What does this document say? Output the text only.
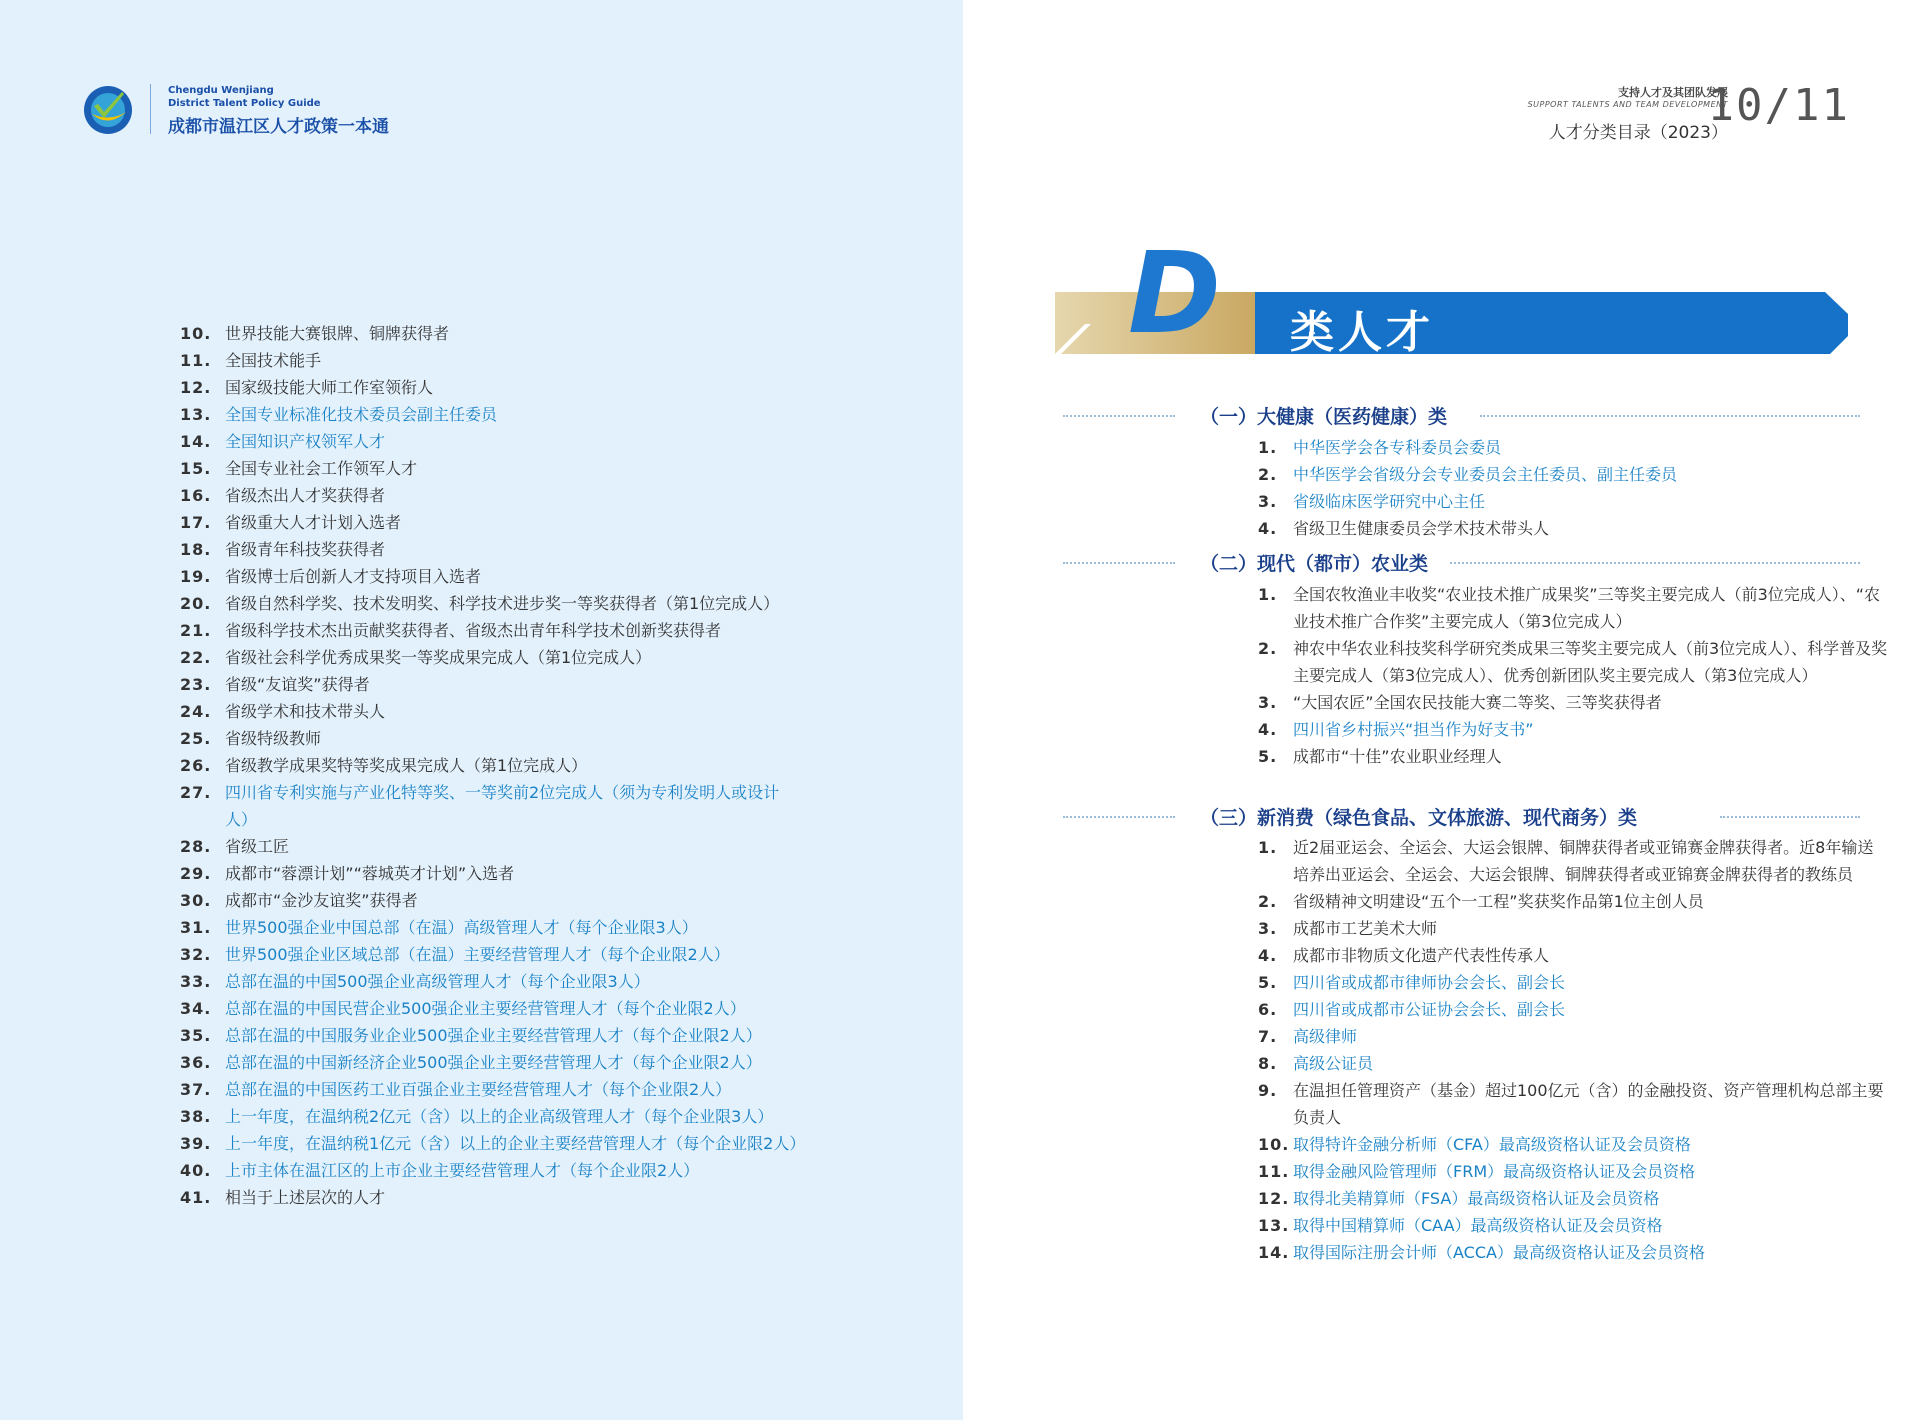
Chengdu Wenjiang
District Talent Policy Guide
成都市温江区人才政策一本通
10. 世界技能大赛银牌、铜牌获得者
11. 全国技术能手
12. 国家级技能大师工作室领衔人
13. 全国专业标准化技术委员会副主任委员
14. 全国知识产权领军人才
15. 全国专业社会工作领军人才
16. 省级杰出人才奖获得者
17. 省级重大人才计划入选者
18. 省级青年科技奖获得者
19. 省级博士后创新人才支持项目入选者
20. 省级自然科学奖、技术发明奖、科学技术进步奖一等奖获得者（第1位完成人）
21. 省级科学技术杰出贡献奖获得者、省级杰出青年科学技术创新奖获得者
22. 省级社会科学优秀成果奖一等奖成果完成人（第1位完成人）
23. 省级“友谊奖”获得者
24. 省级学术和技术带头人
25. 省级特级教师
26. 省级教学成果奖特等奖成果完成人（第1位完成人）
27. 四川省专利实施与产业化特等奖、一等奖前2位完成人（须为专利发明人或设计人）
28. 省级工匠
29. 成都市“蓉漂计划”“蓉城英才计划”入选者
30. 成都市“金沙友谊奖”获得者
31. 世界500强企业中国总部（在温）高级管理人才（每个企业限3人）
32. 世界500强企业区域总部（在温）主要经营管理人才（每个企业限2人）
33. 总部在温的中国500强企业高级管理人才（每个企业限3人）
34. 总部在温的中国民营企业500强企业主要经营管理人才（每个企业限2人）
35. 总部在温的中国服务业企业500强企业主要经营管理人才（每个企业限2人）
36. 总部在温的中国新经济企业500强企业主要经营管理人才（每个企业限2人）
37. 总部在温的中国医药工业百强企业主要经营管理人才（每个企业限2人）
38. 上一年度，在温纳税2亿元（含）以上的企业高级管理人才（每个企业限3人）
39. 上一年度，在温纳税1亿元（含）以上的企业主要经营管理人才（每个企业限2人）
40. 上市主体在温江区的上市企业主要经营管理人才（每个企业限2人）
41. 相当于上述层次的人才
支持人才及其团队发展
SUPPORT TALENTS AND TEAM DEVELOPMENT
人才分类目录（2023）
10/11
D 类人才
（一）大健康（医药健康）类
1. 中华医学会各专科委员会委员
2. 中华医学会省级分会专业委员会主任委员、副主任委员
3. 省级临床医学研究中心主任
4. 省级卫生健康委员会学术技术带头人
（二）现代（都市）农业类
1. 全国农牧渔业丰收奖“农业技术推广成果奖”三等奖主要完成人（前3位完成人）、“农业技术推广合作奖”主要完成人（第3位完成人）
2. 神农中华农业科技奖科学研究类成果三等奖主要完成人（前3位完成人）、科学普及奖主要完成人（第3位完成人）、优秀创新团队奖主要完成人（第3位完成人）
3. “大国农匠”全国农民技能大赛二等奖、三等奖获得者
4. 四川省乡村振兴“担当作为好支书”
5. 成都市“十佳”农业职业经理人
（三）新消费（绿色食品、文体旅游、现代商务）类
1. 近2届亚运会、全运会、大运会银牌、铜牌获得者或亚锦赛金牌获得者。近8年输送培养出亚运会、全运会、大运会银牌、铜牌获得者或亚锦赛金牌获得者的教练员
2. 省级精神文明建设“五个一工程”奖获奖作品第1位主创人员
3. 成都市工艺美术大师
4. 成都市非物质文化遗产代表性传承人
5. 四川省或成都市律师协会会长、副会长
6. 四川省或成都市公证协会会长、副会长
7. 高级律师
8. 高级公证员
9. 在温担任管理资产（基金）超过100亿元（含）的金融投资、资产管理机构总部主要负责人
10. 取得特许金融分析师（CFA）最高级资格认证及会员资格
11. 取得金融风险管理师（FRM）最高级资格认证及会员资格
12. 取得北美精算师（FSA）最高级资格认证及会员资格
13. 取得中国精算师（CAA）最高级资格认证及会员资格
14. 取得国际注册会计师（ACCA）最高级资格认证及会员资格
